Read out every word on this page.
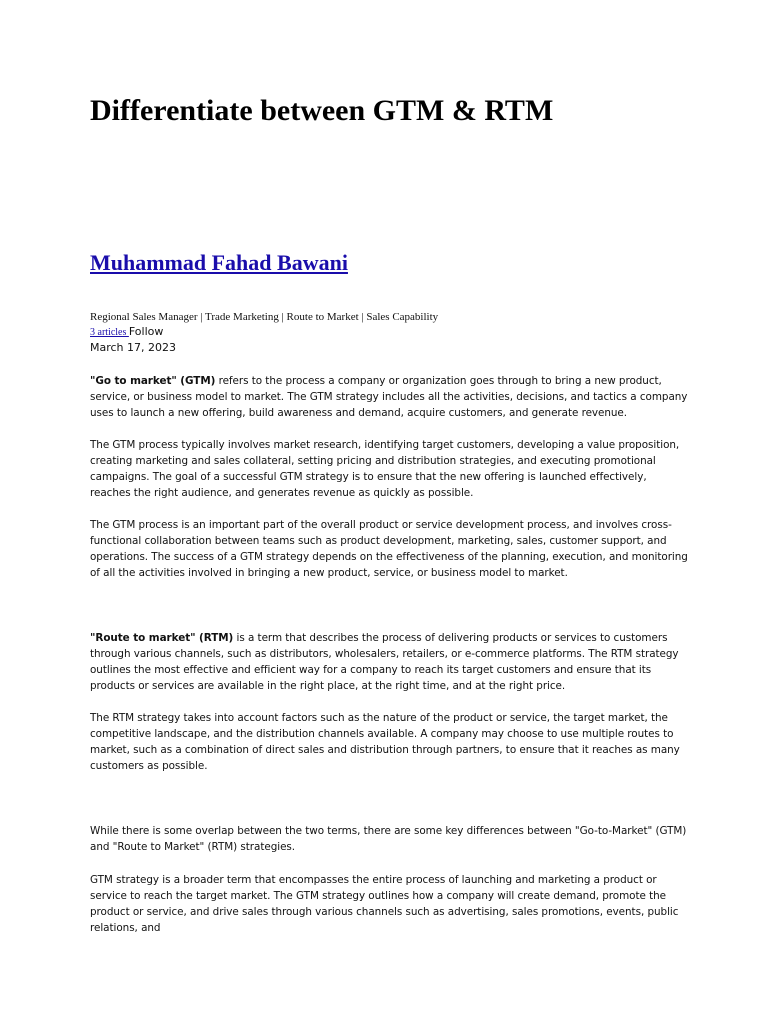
Differentiate between GTM & RTM
Muhammad Fahad Bawani
Regional Sales Manager | Trade Marketing | Route to Market | Sales Capability
3 articles Follow
March 17, 2023

"Go to market" (GTM) refers to the process a company or organization goes through to bring a new product, service, or business model to market. The GTM strategy includes all the activities, decisions, and tactics a company uses to launch a new offering, build awareness and demand, acquire customers, and generate revenue.

The GTM process typically involves market research, identifying target customers, developing a value proposition, creating marketing and sales collateral, setting pricing and distribution strategies, and executing promotional campaigns. The goal of a successful GTM strategy is to ensure that the new offering is launched effectively, reaches the right audience, and generates revenue as quickly as possible.

The GTM process is an important part of the overall product or service development process, and involves cross-functional collaboration between teams such as product development, marketing, sales, customer support, and operations. The success of a GTM strategy depends on the effectiveness of the planning, execution, and monitoring of all the activities involved in bringing a new product, service, or business model to market.

"Route to market" (RTM) is a term that describes the process of delivering products or services to customers through various channels, such as distributors, wholesalers, retailers, or e-commerce platforms. The RTM strategy outlines the most effective and efficient way for a company to reach its target customers and ensure that its products or services are available in the right place, at the right time, and at the right price.

The RTM strategy takes into account factors such as the nature of the product or service, the target market, the competitive landscape, and the distribution channels available. A company may choose to use multiple routes to market, such as a combination of direct sales and distribution through partners, to ensure that it reaches as many customers as possible.

While there is some overlap between the two terms, there are some key differences between "Go-to-Market" (GTM) and "Route to Market" (RTM) strategies.

GTM strategy is a broader term that encompasses the entire process of launching and marketing a product or service to reach the target market. The GTM strategy outlines how a company will create demand, promote the product or service, and drive sales through various channels such as advertising, sales promotions, events, public relations, and
